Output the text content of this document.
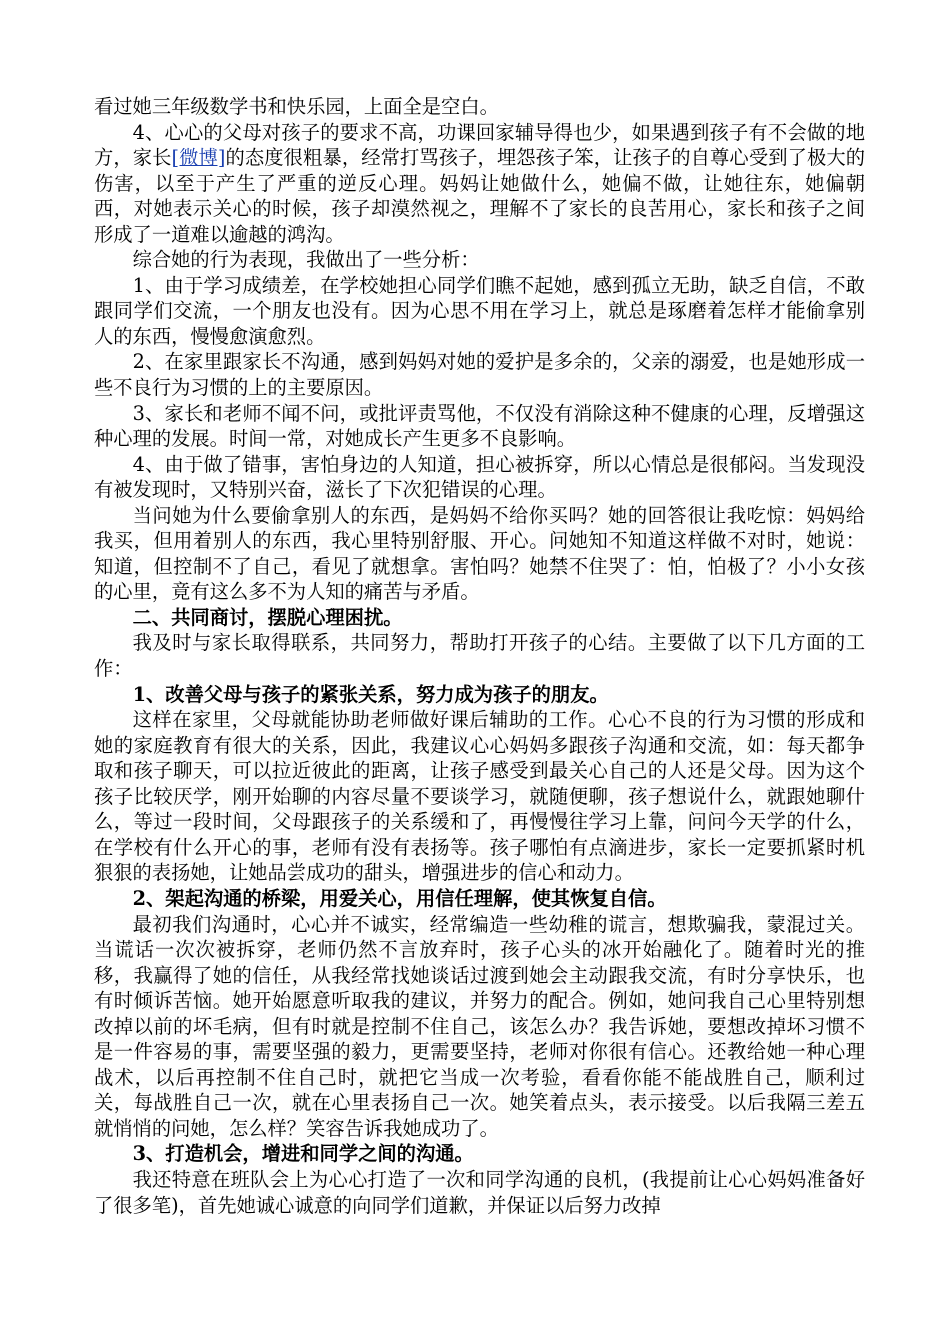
看过她三年级数学书和快乐园，上面全是空白。

4、心心的父母对孩子的要求不高，功课回家辅导得也少，如果遇到孩子有不会做的地方，家长[微博]的态度很粗暴，经常打骂孩子，埋怨孩子笨，让孩子的自尊心受到了极大的伤害，以至于产生了严重的逆反心理。妈妈让她做什么，她偏不做，让她往东，她偏朝西，对她表示关心的时候，孩子却漠然视之，理解不了家长的良苦用心，家长和孩子之间形成了一道难以逾越的鸿沟。

综合她的行为表现，我做出了一些分析：

1、由于学习成绩差，在学校她担心同学们瞧不起她，感到孤立无助，缺乏自信，不敢跟同学们交流，一个朋友也没有。因为心思不用在学习上，就总是琢磨着怎样才能偷拿别人的东西，慢慢愈演愈烈。

2、在家里跟家长不沟通，感到妈妈对她的爱护是多余的，父亲的溺爱，也是她形成一些不良行为习惯的上的主要原因。

3、家长和老师不闻不问，或批评责骂他，不仅没有消除这种不健康的心理，反增强这种心理的发展。时间一常，对她成长产生更多不良影响。

4、由于做了错事，害怕身边的人知道，担心被拆穿，所以心情总是很郁闷。当发现没有被发现时，又特别兴奋，滋长了下次犯错误的心理。

当问她为什么要偷拿别人的东西，是妈妈不给你买吗？她的回答很让我吃惊：妈妈给我买，但用着别人的东西，我心里特别舒服、开心。问她知不知道这样做不对时，她说：知道，但控制不了自己，看见了就想拿。害怕吗？她禁不住哭了：怕，怕极了？小小女孩的心里，竟有这么多不为人知的痛苦与矛盾。

二、共同商讨，摆脱心理困扰。

我及时与家长取得联系，共同努力，帮助打开孩子的心结。主要做了以下几方面的工作：

1、改善父母与孩子的紧张关系，努力成为孩子的朋友。

这样在家里，父母就能协助老师做好课后辅助的工作。心心不良的行为习惯的形成和她的家庭教育有很大的关系，因此，我建议心心妈妈多跟孩子沟通和交流，如：每天都争取和孩子聊天，可以拉近彼此的距离，让孩子感受到最关心自己的人还是父母。因为这个孩子比较厌学，刚开始聊的内容尽量不要谈学习，就随便聊，孩子想说什么，就跟她聊什么，等过一段时间，父母跟孩子的关系缓和了，再慢慢往学习上靠，问问今天学的什么，在学校有什么开心的事，老师有没有表扬等。孩子哪怕有点滴进步，家长一定要抓紧时机狠狠的表扬她，让她品尝成功的甜头，增强进步的信心和动力。

2、架起沟通的桥梁，用爱关心，用信任理解，使其恢复自信。

最初我们沟通时，心心并不诚实，经常编造一些幼稚的谎言，想欺骗我，蒙混过关。当谎话一次次被拆穿，老师仍然不言放弃时，孩子心头的冰开始融化了。随着时光的推移，我赢得了她的信任，从我经常找她谈话过渡到她会主动跟我交流，有时分享快乐，也有时倾诉苦恼。她开始愿意听取我的建议，并努力的配合。例如，她问我自己心里特别想改掉以前的坏毛病，但有时就是控制不住自己，该怎么办？我告诉她，要想改掉坏习惯不是一件容易的事，需要坚强的毅力，更需要坚持，老师对你很有信心。还教给她一种心理战术，以后再控制不住自己时，就把它当成一次考验，看看你能不能战胜自己，顺利过关，每战胜自己一次，就在心里表扬自己一次。她笑着点头，表示接受。以后我隔三差五就悄悄的问她，怎么样？笑容告诉我她成功了。

3、打造机会，增进和同学之间的沟通。

我还特意在班队会上为心心打造了一次和同学沟通的良机，(我提前让心心妈妈准备好了很多笔)，首先她诚心诚意的向同学们道歉，并保证以后努力改掉
